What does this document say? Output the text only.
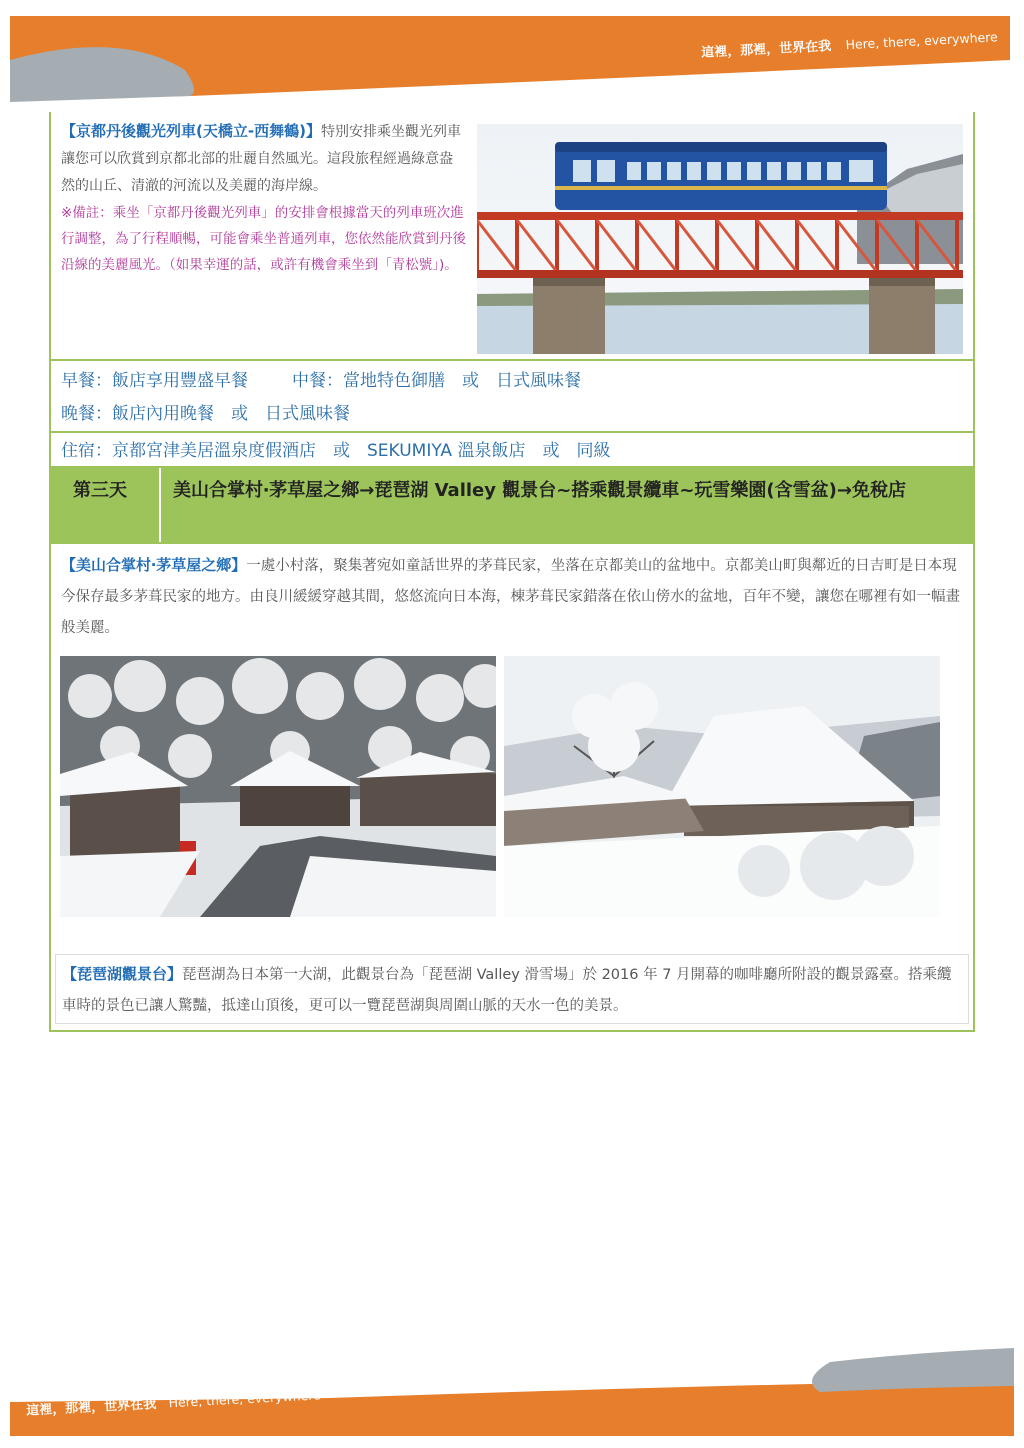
這裡，那裡，世界在我 Here, there, everywhere
【京都丹後觀光列車(天橋立-西舞鶴)】特別安排乘坐觀光列車讓您可以欣賞到京都北部的壯麗自然風光。這段旅程經過綠意盎然的山丘、清澈的河流以及美麗的海岸線。
※備註：乘坐「京都丹後觀光列車」的安排會根據當天的列車班次進行調整，為了行程順暢，可能會乘坐普通列車，您依然能欣賞到丹後沿線的美麗風光。（如果幸運的話，或許有機會乘坐到「青松號」)。
早餐：飯店享用豐盛早餐	中餐：當地特色御膳　或　日式風味餐
晚餐：飯店內用晚餐　或　日式風味餐
住宿：京都宮津美居溫泉度假酒店　或　SEKUMIYA 溫泉飯店　或　同級
第三天	美山合掌村‧茅草屋之鄉→琵琶湖 Valley 觀景台~搭乘觀景纜車~玩雪樂園(含雪盆)→免稅店
【美山合掌村‧茅草屋之鄉】一處小村落，聚集著宛如童話世界的茅葺民家，坐落在京都美山的盆地中。京都美山町與鄰近的日吉町是日本現今保存最多茅葺民家的地方。由良川緩緩穿越其間，悠悠流向日本海，棟茅葺民家錯落在依山傍水的盆地，百年不變，讓您在哪裡有如一幅畫般美麗。
【琵琶湖觀景台】琵琶湖為日本第一大湖，此觀景台為「琵琶湖 Valley 滑雪場」於 2016 年 7 月開幕的咖啡廳所附設的觀景露臺。搭乘纜車時的景色已讓人驚豔，抵達山頂後，更可以一覽琵琶湖與周圍山脈的天水一色的美景。
這裡，那裡，世界在我 Here, there, everywhere
